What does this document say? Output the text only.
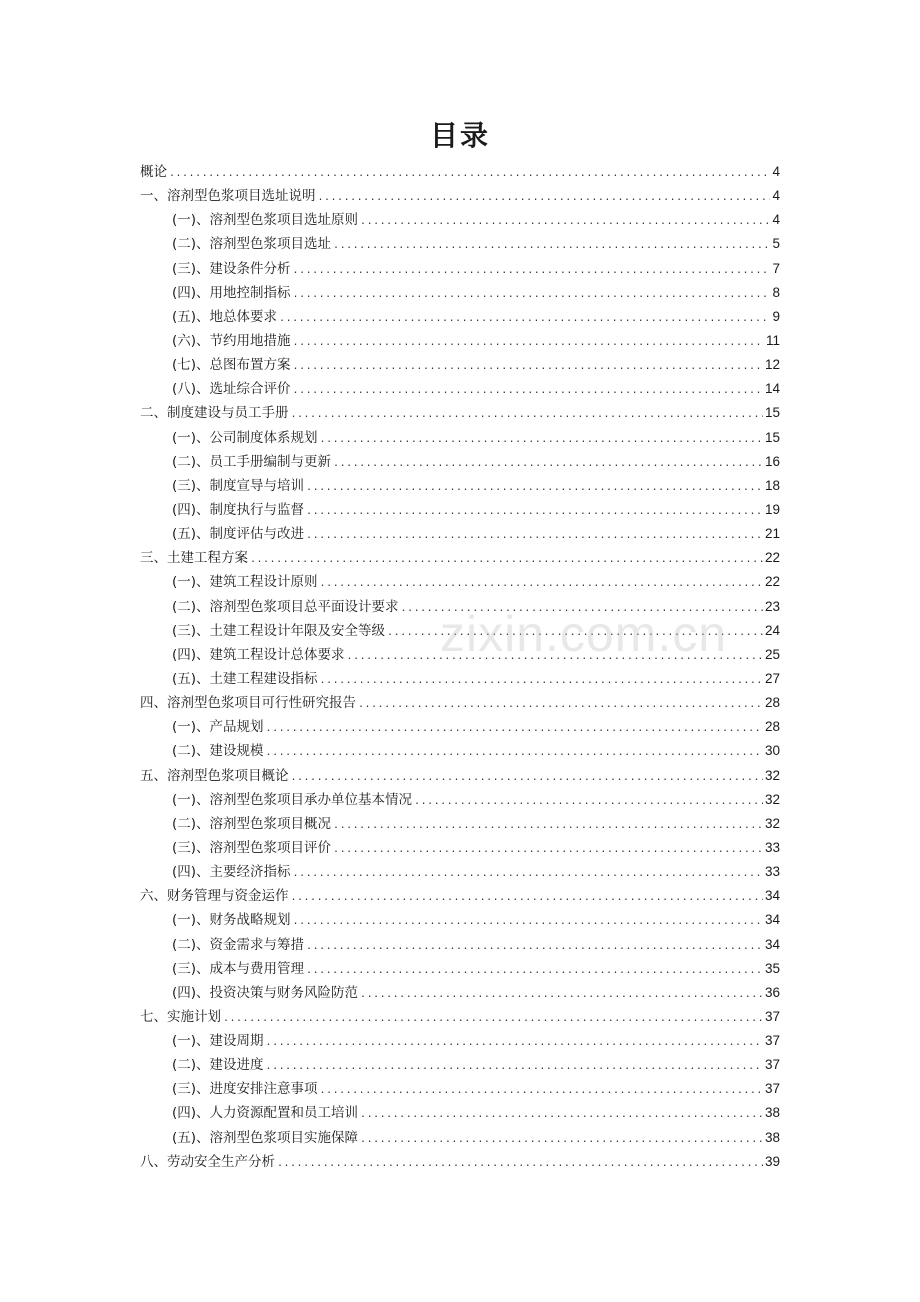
目录
概论 .....	4
一、溶剂型色浆项目选址说明 .....	4
(一)、溶剂型色浆项目选址原则 .....	4
(二)、溶剂型色浆项目选址 .....	5
(三)、建设条件分析 .....	7
(四)、用地控制指标 .....	8
(五)、地总体要求 .....	9
(六)、节约用地措施 .....	11
(七)、总图布置方案 .....	12
(八)、选址综合评价 .....	14
二、制度建设与员工手册 .....	15
(一)、公司制度体系规划 .....	15
(二)、员工手册编制与更新 .....	16
(三)、制度宣导与培训 .....	18
(四)、制度执行与监督 .....	19
(五)、制度评估与改进 .....	21
三、土建工程方案 .....	22
(一)、建筑工程设计原则 .....	22
(二)、溶剂型色浆项目总平面设计要求 .....	23
(三)、土建工程设计年限及安全等级 .....	24
(四)、建筑工程设计总体要求 .....	25
(五)、土建工程建设指标 .....	27
四、溶剂型色浆项目可行性研究报告 .....	28
(一)、产品规划 .....	28
(二)、建设规模 .....	30
五、溶剂型色浆项目概论 .....	32
(一)、溶剂型色浆项目承办单位基本情况 .....	32
(二)、溶剂型色浆项目概况 .....	32
(三)、溶剂型色浆项目评价 .....	33
(四)、主要经济指标 .....	33
六、财务管理与资金运作 .....	34
(一)、财务战略规划 .....	34
(二)、资金需求与筹措 .....	34
(三)、成本与费用管理 .....	35
(四)、投资决策与财务风险防范 .....	36
七、实施计划 .....	37
(一)、建设周期 .....	37
(二)、建设进度 .....	37
(三)、进度安排注意事项 .....	37
(四)、人力资源配置和员工培训 .....	38
(五)、溶剂型色浆项目实施保障 .....	38
八、劳动安全生产分析 .....	39
zixin.com.cn
